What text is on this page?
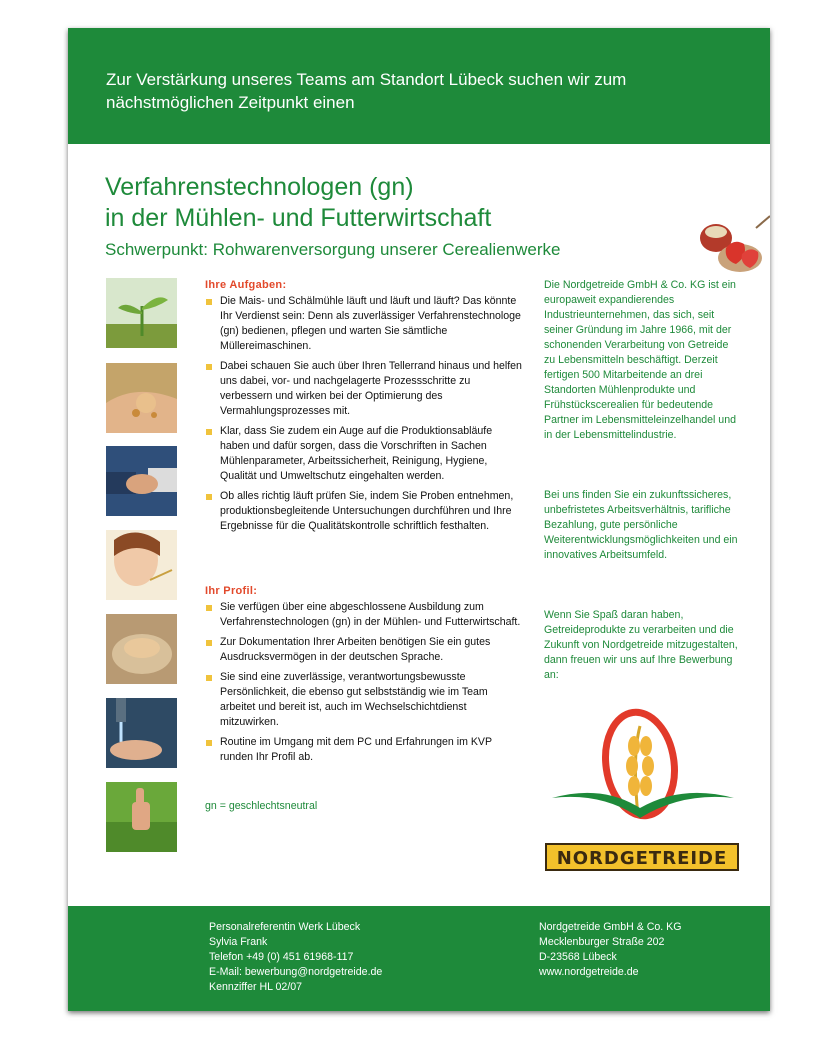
Zur Verstärkung unseres Teams am Standort Lübeck suchen wir zum nächstmöglichen Zeitpunkt einen
Verfahrenstechnologen (gn)
in der Mühlen- und Futterwirtschaft
Schwerpunkt: Rohwarenversorgung unserer Cerealienwerke
Ihre Aufgaben:
Die Mais- und Schälmühle läuft und läuft und läuft? Das könnte Ihr Verdienst sein: Denn als zuverlässiger Verfahrenstechnologe (gn) bedienen, pflegen und warten Sie sämtliche Müllereimaschinen.
Dabei schauen Sie auch über Ihren Tellerrand hinaus und helfen uns dabei, vor- und nachgelagerte Prozessschritte zu verbessern und wirken bei der Optimierung des Vermahlungsprozesses mit.
Klar, dass Sie zudem ein Auge auf die Produktionsabläufe haben und dafür sorgen, dass die Vorschriften in Sachen Mühlenparameter, Arbeitssicherheit, Reinigung, Hygiene, Qualität und Umweltschutz eingehalten werden.
Ob alles richtig läuft prüfen Sie, indem Sie Proben entnehmen, produktionsbegleitende Untersuchungen durchführen und Ihre Ergebnisse für die Qualitätskontrolle schriftlich festhalten.
Ihr Profil:
Sie verfügen über eine abgeschlossene Ausbildung zum Verfahrenstechnologen (gn) in der Mühlen- und Futterwirtschaft.
Zur Dokumentation Ihrer Arbeiten benötigen Sie ein gutes Ausdrucksvermögen in der deutschen Sprache.
Sie sind eine zuverlässige, verantwortungsbewusste Persönlichkeit, die ebenso gut selbstständig wie im Team arbeitet und bereit ist, auch im Wechselschichtdienst mitzuwirken.
Routine im Umgang mit dem PC und Erfahrungen im KVP runden Ihr Profil ab.
gn = geschlechtsneutral
Die Nordgetreide GmbH & Co. KG ist ein europaweit expandierendes Industrieunternehmen, das sich, seit seiner Gründung im Jahre 1966, mit der schonenden Verarbeitung von Getreide zu Lebensmitteln beschäftigt. Derzeit fertigen 500 Mitarbeitende an drei Standorten Mühlenprodukte und Frühstückscerealien für bedeutende Partner im Lebensmitteleinzelhandel und in der Lebensmittelindustrie.
Bei uns finden Sie ein zukunftssicheres, unbefristetes Arbeitsverhältnis, tarifliche Bezahlung, gute persönliche Weiterentwicklungsmöglichkeiten und ein innovatives Arbeitsumfeld.
Wenn Sie Spaß daran haben, Getreideprodukte zu verarbeiten und die Zukunft von Nordgetreide mitzugestalten, dann freuen wir uns auf Ihre Bewerbung an:
NORDGETREIDE
Personalreferentin Werk Lübeck
Sylvia Frank
Telefon +49 (0) 451 61968-117
E-Mail: bewerbung@nordgetreide.de
Kennziffer HL 02/07
Nordgetreide GmbH & Co. KG
Mecklenburger Straße 202
D-23568 Lübeck
www.nordgetreide.de
